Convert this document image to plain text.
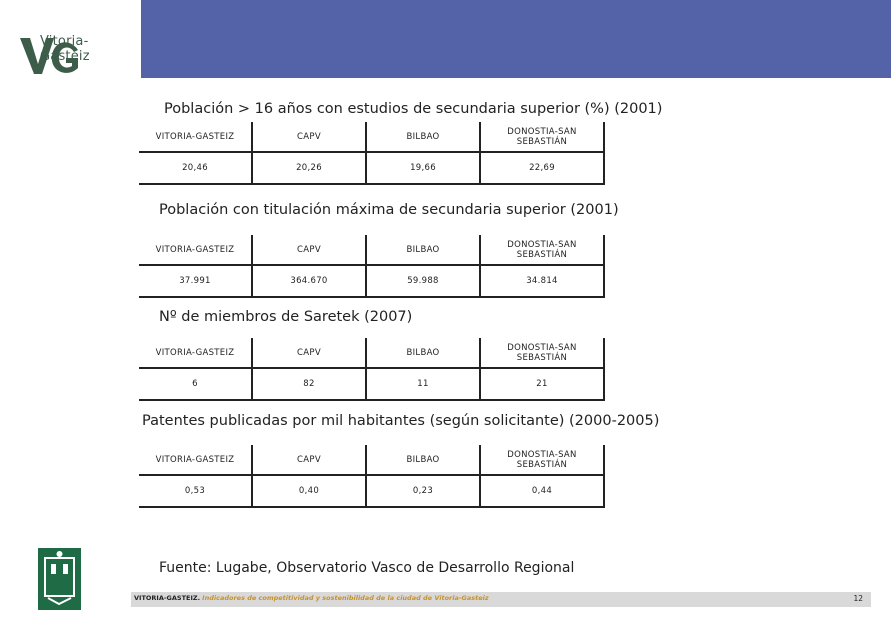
Vitoria-Gasteiz
Población > 16 años con estudios de secundaria superior (%) (2001)
VITORIA-GASTEIZ	CAPV	BILBAO	DONOSTIA-SAN SEBASTIÁN
20,46	20,26	19,66	22,69
Población con titulación máxima de secundaria superior (2001)
VITORIA-GASTEIZ	CAPV	BILBAO	DONOSTIA-SAN SEBASTIÁN
37.991	364.670	59.988	34.814
Nº de miembros de Saretek (2007)
VITORIA-GASTEIZ	CAPV	BILBAO	DONOSTIA-SAN SEBASTIÁN
6	82	11	21
Patentes publicadas por mil habitantes (según solicitante) (2000-2005)
VITORIA-GASTEIZ	CAPV	BILBAO	DONOSTIA-SAN SEBASTIÁN
0,53	0,40	0,23	0,44
Fuente: Lugabe, Observatorio Vasco de Desarrollo Regional
VITORIA-GASTEIZ. Indicadores de competitividad y sostenibilidad de la ciudad de Vitoria-Gasteiz	12
